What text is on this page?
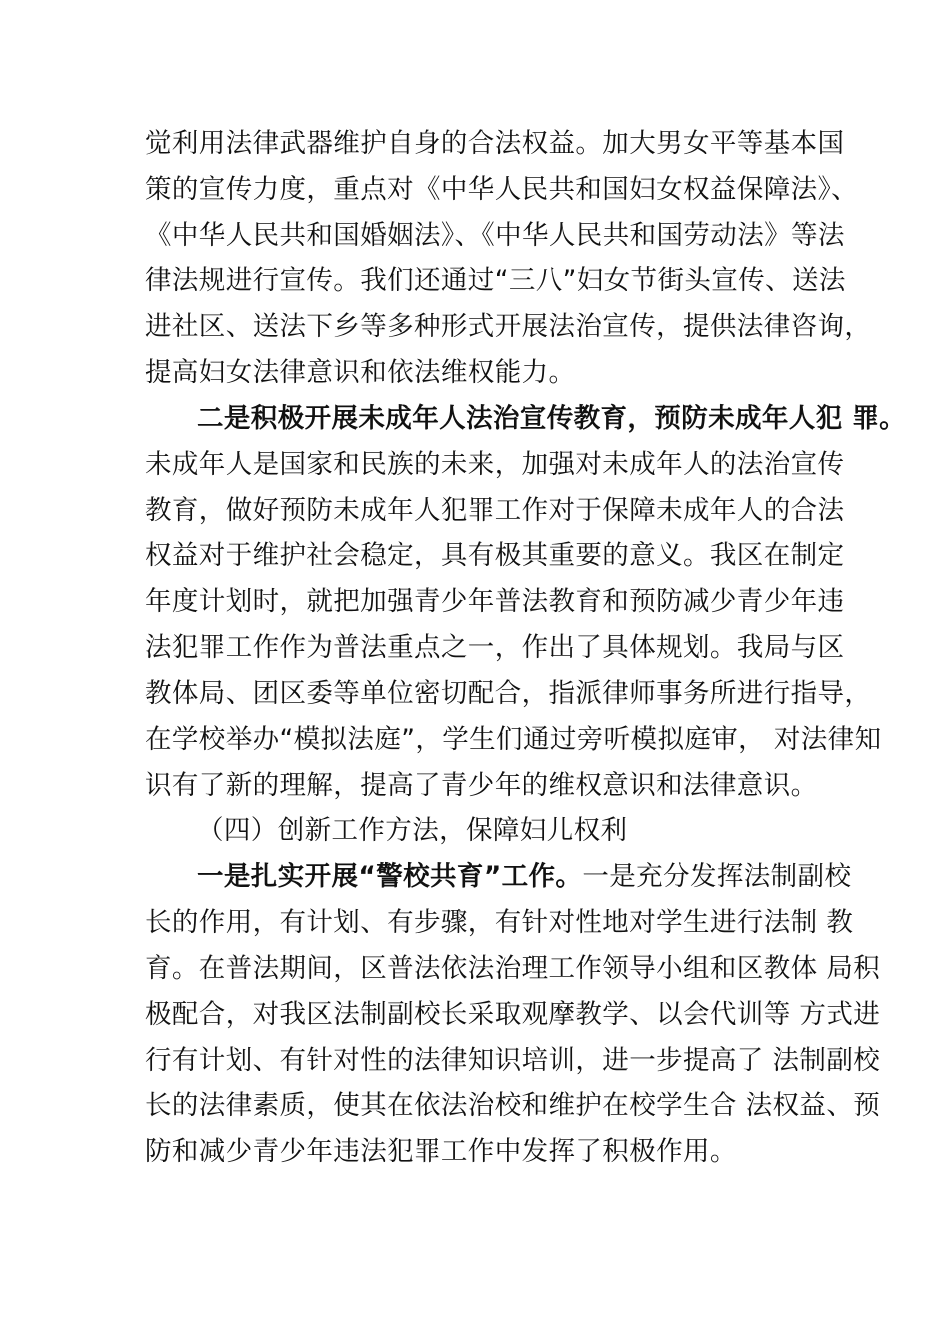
觉利用法律武器维护自身的合法权益。加大男女平等基本国
策的宣传力度，重点对《中华人民共和国妇女权益保障法》、
《中华人民共和国婚姻法》、《中华人民共和国劳动法》等法
律法规进行宣传。我们还通过“三八”妇女节街头宣传、送法
进社区、送法下乡等多种形式开展法治宣传，提供法律咨询，
提高妇女法律意识和依法维权能力。
二是积极开展未成年人法治宣传教育，预防未成年人犯 罪。
未成年人是国家和民族的未来，加强对未成年人的法治宣传
教育，做好预防未成年人犯罪工作对于保障未成年人的合法
权益对于维护社会稳定，具有极其重要的意义。我区在制定
年度计划时，就把加强青少年普法教育和预防减少青少年违
法犯罪工作作为普法重点之一，作出了具体规划。我局与区
教体局、团区委等单位密切配合，指派律师事务所进行指导，
在学校举办“模拟法庭”，学生们通过旁听模拟庭审， 对法律知
识有了新的理解，提高了青少年的维权意识和法律意识。
（四）创新工作方法，保障妇儿权利
一是扎实开展“警校共育”工作。一是充分发挥法制副校
长的作用，有计划、有步骤，有针对性地对学生进行法制 教
育。在普法期间，区普法依法治理工作领导小组和区教体 局积
极配合，对我区法制副校长采取观摩教学、以会代训等 方式进
行有计划、有针对性的法律知识培训，进一步提高了 法制副校
长的法律素质，使其在依法治校和维护在校学生合 法权益、预
防和减少青少年违法犯罪工作中发挥了积极作用。
